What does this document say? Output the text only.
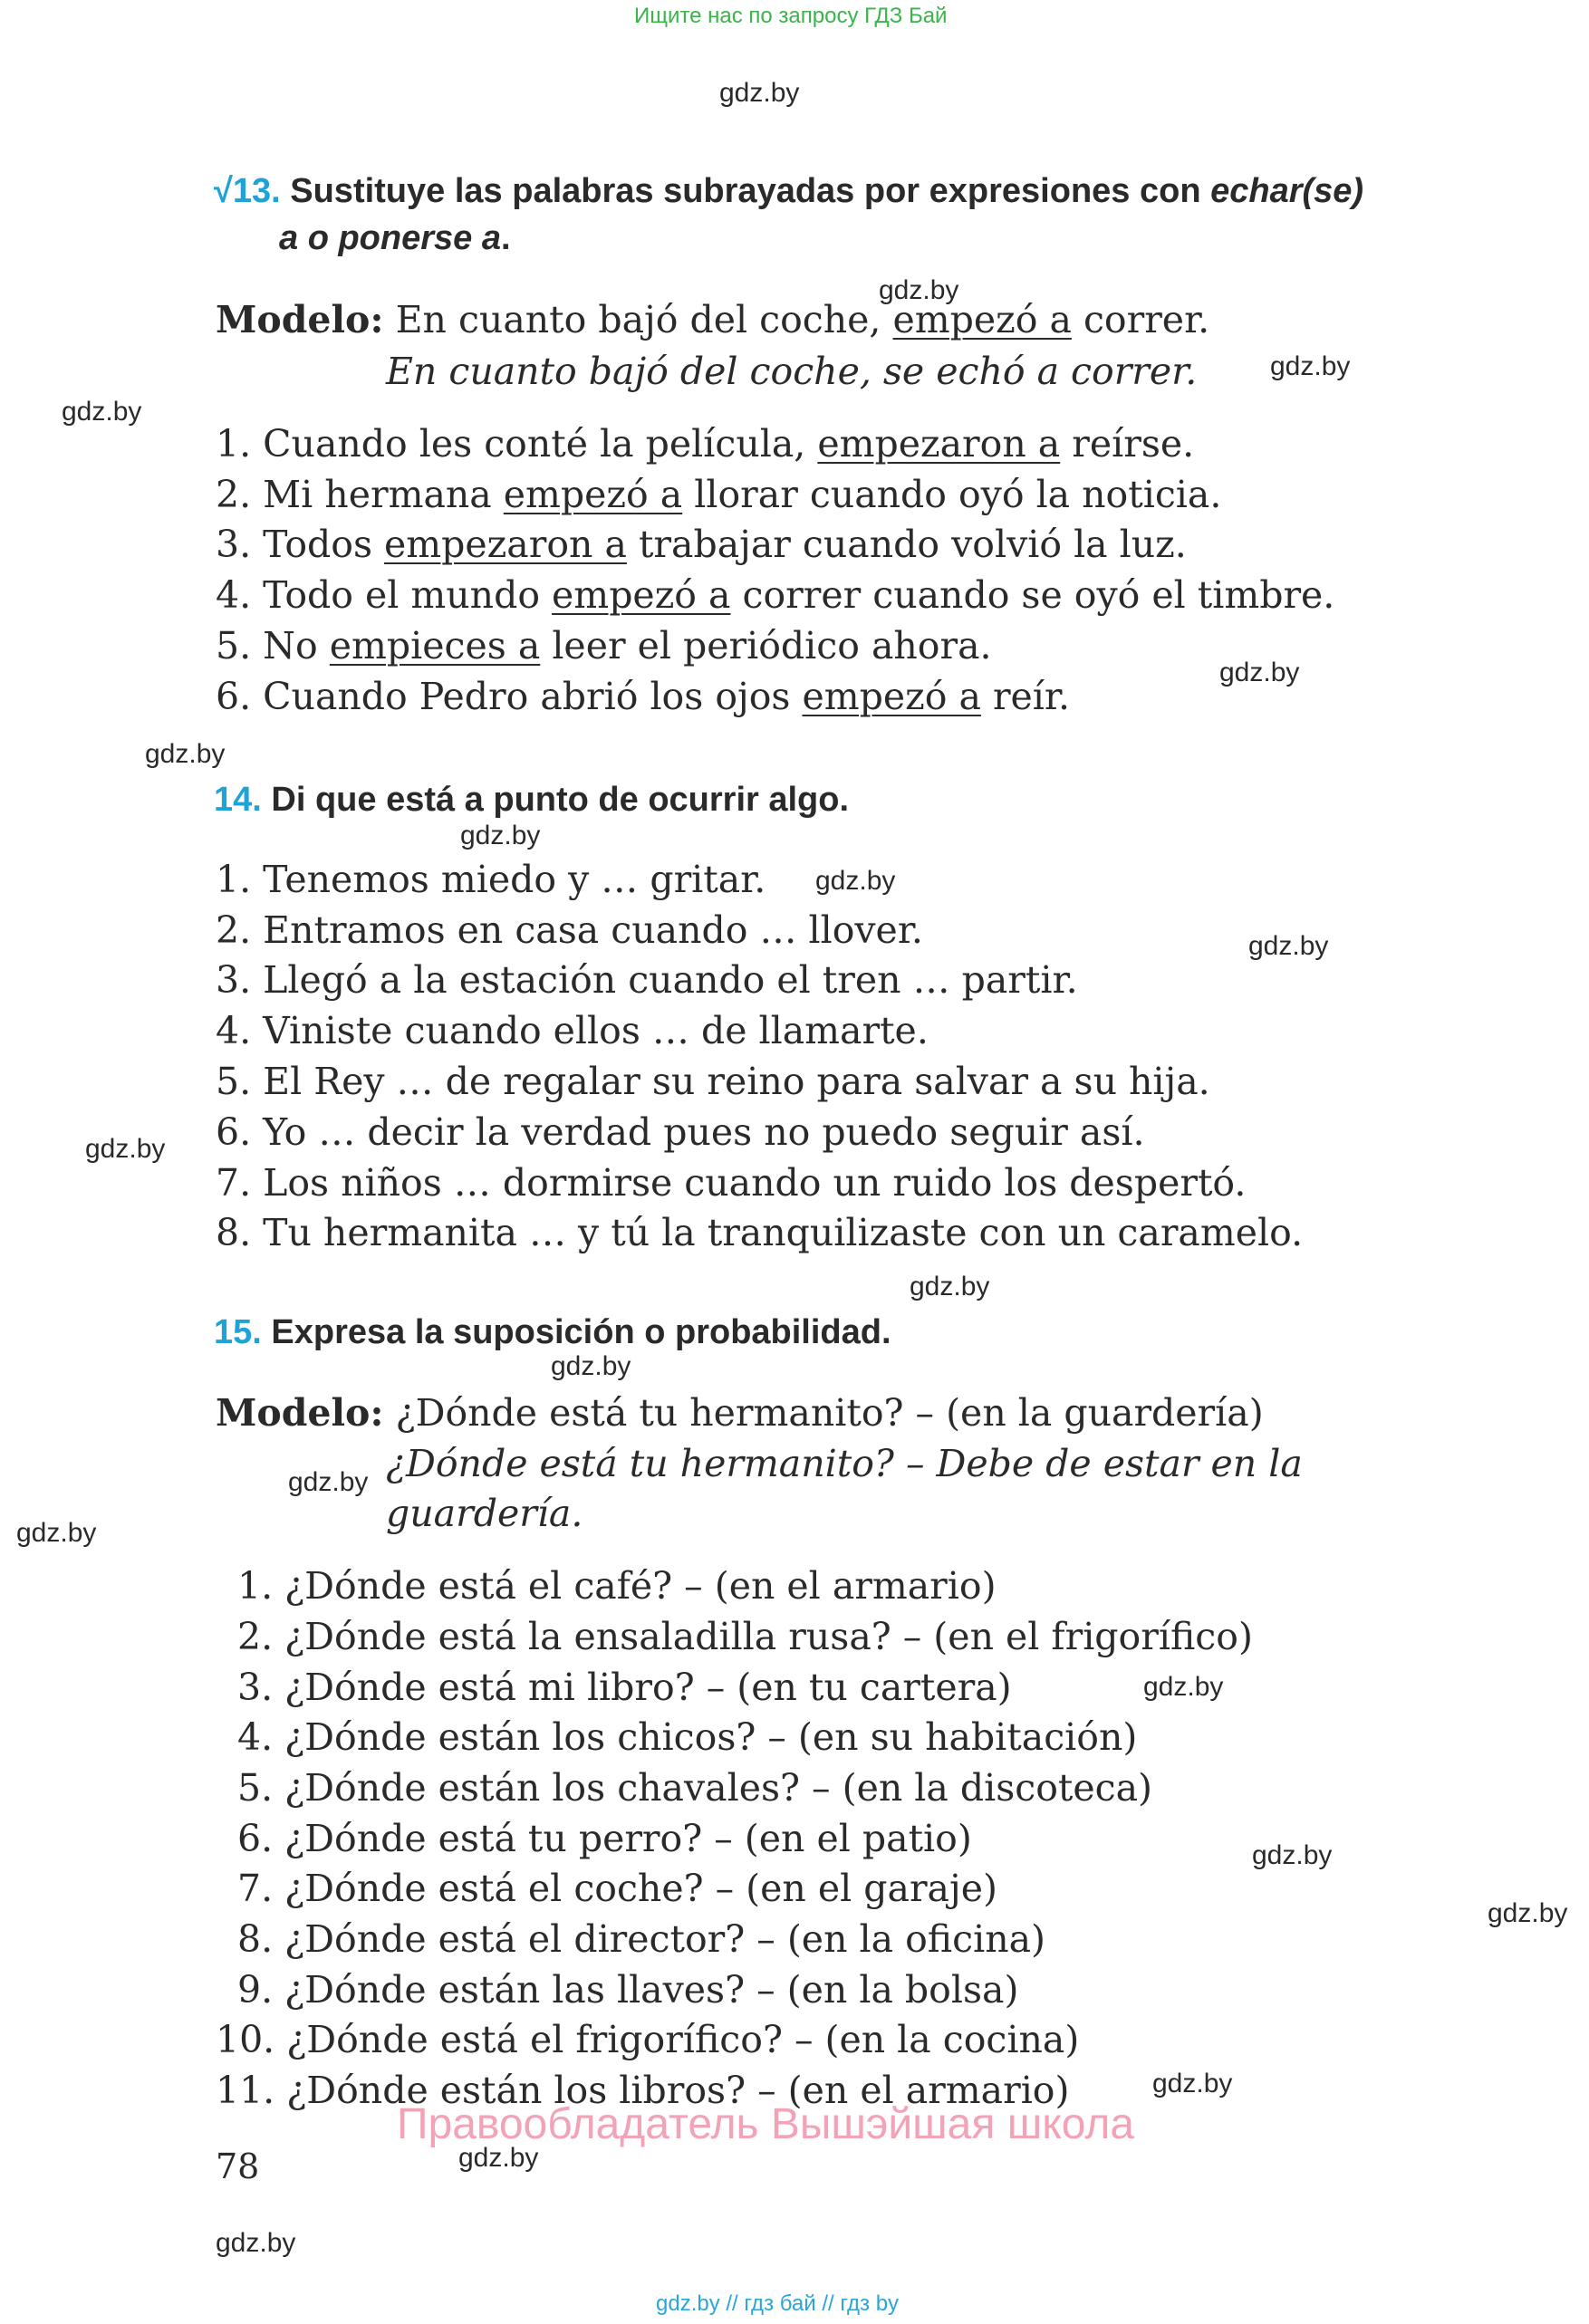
Ищите нас по запросу ГДЗ Бай
gdz.by
√13. Sustituye las palabras subrayadas por expresiones con echar(se)
a o ponerse a.
Modelo: En cuanto bajó del coche, empezó a correr.
En cuanto bajó del coche, se echó a correr.
1. Cuando les conté la película, empezaron a reírse.
2. Mi hermana empezó a llorar cuando oyó la noticia.
3. Todos empezaron a trabajar cuando volvió la luz.
4. Todo el mundo empezó a correr cuando se oyó el timbre.
5. No empieces a leer el periódico ahora.
6. Cuando Pedro abrió los ojos empezó a reír.
14. Di que está a punto de ocurrir algo.
1. Tenemos miedo y … gritar.
2. Entramos en casa cuando … llover.
3. Llegó a la estación cuando el tren … partir.
4. Viniste cuando ellos … de llamarte.
5. El Rey … de regalar su reino para salvar a su hija.
6. Yo … decir la verdad pues no puedo seguir así.
7. Los niños … dormirse cuando un ruido los despertó.
8. Tu hermanita … y tú la tranquilizaste con un caramelo.
15. Expresa la suposición o probabilidad.
Modelo: ¿Dónde está tu hermanito? – (en la guardería)
¿Dónde está tu hermanito? – Debe de estar en la
guardería.
1. ¿Dónde está el café? – (en el armario)
2. ¿Dónde está la ensaladilla rusa? – (en el frigorífico)
3. ¿Dónde está mi libro? – (en tu cartera)
4. ¿Dónde están los chicos? – (en su habitación)
5. ¿Dónde están los chavales? – (en la discoteca)
6. ¿Dónde está tu perro? – (en el patio)
7. ¿Dónde está el coche? – (en el garaje)
8. ¿Dónde está el director? – (en la oficina)
9. ¿Dónde están las llaves? – (en la bolsa)
10. ¿Dónde está el frigorífico? – (en la cocina)
11. ¿Dónde están los libros? – (en el armario)
Правообладатель Вышэйшая школа
78
gdz.by // гдз бай // гдз by
gdz.by
gdz.by
gdz.by
gdz.by
gdz.by
gdz.by
gdz.by
gdz.by
gdz.by
gdz.by
gdz.by
gdz.by
gdz.by
gdz.by
gdz.by
gdz.by
gdz.by
gdz.by
gdz.by
